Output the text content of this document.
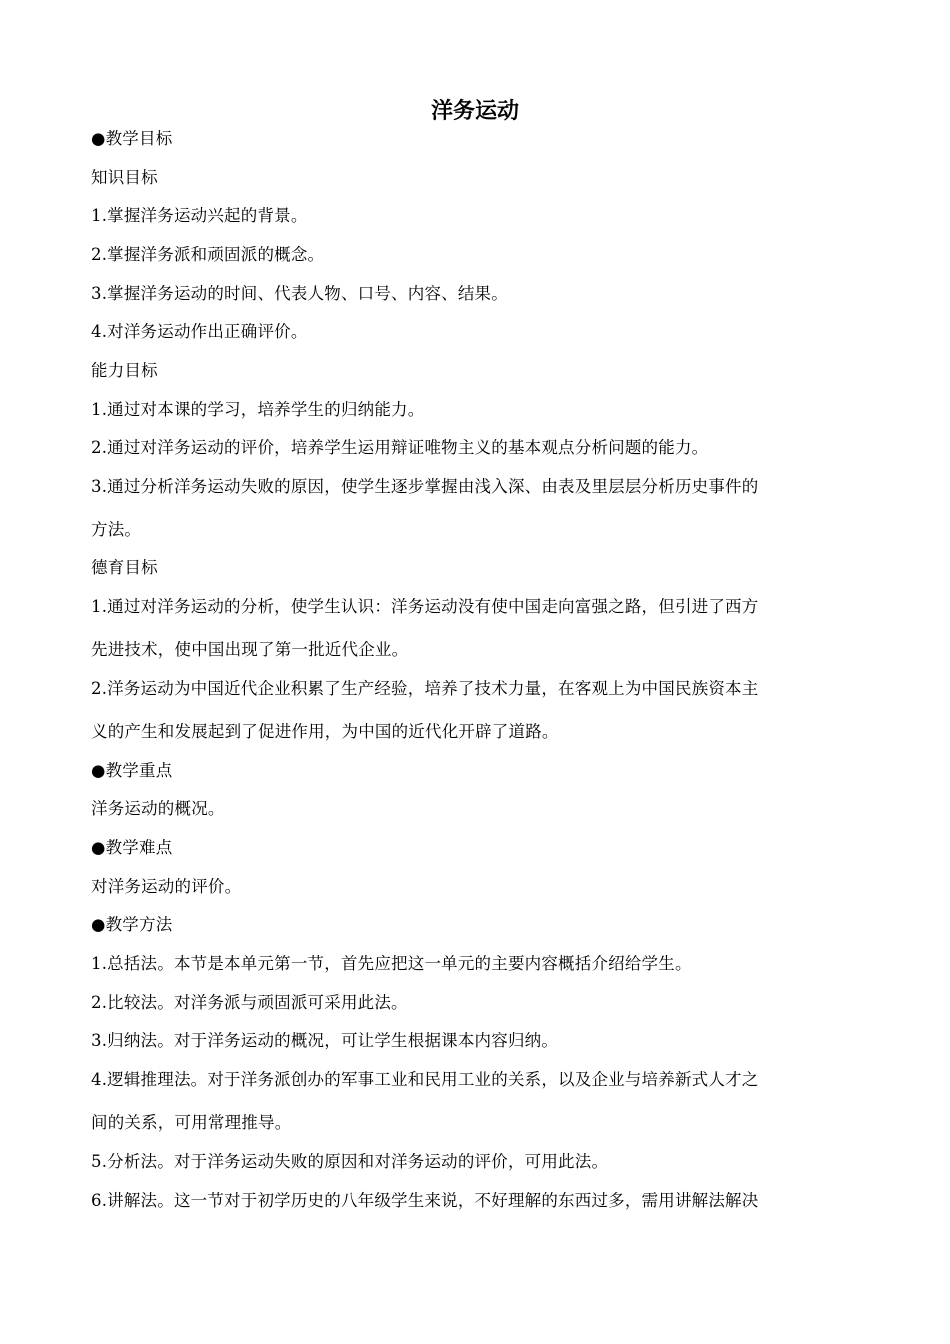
洋务运动
●教学目标
知识目标
1.掌握洋务运动兴起的背景。
2.掌握洋务派和顽固派的概念。
3.掌握洋务运动的时间、代表人物、口号、内容、结果。
4.对洋务运动作出正确评价。
能力目标
1.通过对本课的学习，培养学生的归纳能力。
2.通过对洋务运动的评价，培养学生运用辩证唯物主义的基本观点分析问题的能力。
3.通过分析洋务运动失败的原因，使学生逐步掌握由浅入深、由表及里层层分析历史事件的
方法。
德育目标
1.通过对洋务运动的分析，使学生认识：洋务运动没有使中国走向富强之路，但引进了西方
先进技术，使中国出现了第一批近代企业。
2.洋务运动为中国近代企业积累了生产经验，培养了技术力量，在客观上为中国民族资本主
义的产生和发展起到了促进作用，为中国的近代化开辟了道路。
●教学重点
洋务运动的概况。
●教学难点
对洋务运动的评价。
●教学方法
1.总括法。本节是本单元第一节，首先应把这一单元的主要内容概括介绍给学生。
2.比较法。对洋务派与顽固派可采用此法。
3.归纳法。对于洋务运动的概况，可让学生根据课本内容归纳。
4.逻辑推理法。对于洋务派创办的军事工业和民用工业的关系，以及企业与培养新式人才之
间的关系，可用常理推导。
5.分析法。对于洋务运动失败的原因和对洋务运动的评价，可用此法。
6.讲解法。这一节对于初学历史的八年级学生来说，不好理解的东西过多，需用讲解法解决
